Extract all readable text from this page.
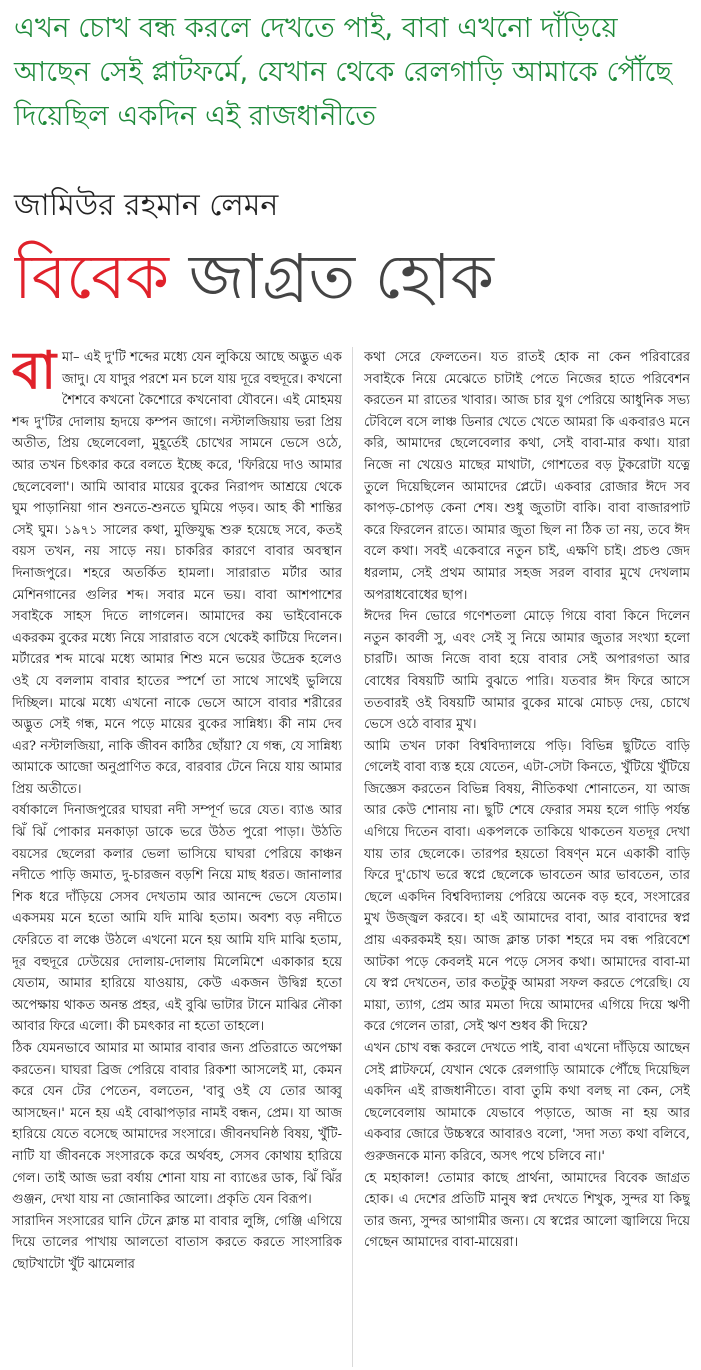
এখন চোখ বন্ধ করলে দেখতে পাই, বাবা এখনো দাঁড়িয়ে আছেন সেই প্লাটফর্মে, যেখান থেকে রেলগাড়ি আমাকে পৌঁছে দিয়েছিল একদিন এই রাজধানীতে
জামিউর রহমান লেমন
বিবেক জাগ্রত হোক
বা মা– এই দু'টি শব্দের মধ্যে যেন লুকিয়ে আছে অদ্ভুত এক জাদু। যে যাদুর পরশে মন চলে যায় দূরে বহুদূরে। কখনো শৈশবে কখনো কৈশোরে কখনোবা যৌবনে। এই মোহময় শব্দ দু'টির দোলায় হৃদয়ে কম্পন জাগে। নস্টালজিয়ায় ভরা প্রিয় অতীত, প্রিয় ছেলেবেলা, মুহূর্তেই চোখের সামনে ভেসে ওঠে, আর তখন চিৎকার করে বলতে ইচ্ছে করে, 'ফিরিয়ে দাও আমার ছেলেবেলা'। আমি আবার মায়ের বুকের নিরাপদ আশ্রয়ে থেকে ঘুম পাড়ানিয়া গান শুনতে-শুনতে ঘুমিয়ে পড়ব। আহ কী শান্তির সেই ঘুম। ১৯৭১ সালের কথা, মুক্তিযুদ্ধ শুরু হয়েছে সবে, কতই বয়স তখন, নয় সাড়ে নয়। চাকরির কারণে বাবার অবস্থান দিনাজপুরে। শহরে অতর্কিত হামলা। সারারাত মর্টার আর মেশিনগানের গুলির শব্দ। সবার মনে ভয়। বাবা আশপাশের সবাইকে সাহস দিতে লাগলেন। আমাদের কয় ভাইবোনকে একরকম বুকের মধ্যে নিয়ে সারারাত বসে থেকেই কাটিয়ে দিলেন। মর্টারের শব্দ মাঝে মধ্যে আমার শিশু মনে ভয়ের উদ্রেক হলেও ওই যে বললাম বাবার হাতের স্পর্শে তা সাথে সাথেই ভুলিয়ে দিচ্ছিল। মাঝে মধ্যে এখনো নাকে ভেসে আসে বাবার শরীরের অদ্ভুত সেই গন্ধ, মনে পড়ে মায়ের বুকের সান্নিধ্য। কী নাম দেব এর? নস্টালজিয়া, নাকি জীবন কাঠির ছোঁয়া? যে গন্ধ, যে সান্নিধ্য আমাকে আজো অনুপ্রাণিত করে, বারবার টেনে নিয়ে যায় আমার প্রিয় অতীতে।

বর্ষাকালে দিনাজপুরের ঘাঘরা নদী সম্পূর্ণ ভরে যেত। ব্যাঙ আর ঝিঁ ঝিঁ পোকার মনকাড়া ডাকে ভরে উঠত পুরো পাড়া। উঠতি বয়সের ছেলেরা কলার ভেলা ভাসিয়ে ঘাঘরা পেরিয়ে কাঞ্চন নদীতে পাড়ি জমাত, দু-চারজন বড়শি নিয়ে মাছ ধরত। জানালার শিক ধরে দাঁড়িয়ে সেসব দেখতাম আর আনন্দে ভেসে যেতাম। একসময় মনে হতো আমি যদি মাঝি হতাম। অবশ্য বড় নদীতে ফেরিতে বা লঞ্চে উঠলে এখনো মনে হয় আমি যদি মাঝি হতাম, দূর বহুদূরে ঢেউয়ের দোলায়-দোলায় মিলেমিশে একাকার হয়ে যেতাম, আমার হারিয়ে যাওয়ায়, কেউ একজন উদ্বিগ্ন হতো অপেক্ষায় থাকত অনন্ত প্রহর, এই বুঝি ভাটার টানে মাঝির নৌকা আবার ফিরে এলো। কী চমৎকার না হতো তাহলে।

ঠিক যেমনভাবে আমার মা আমার বাবার জন্য প্রতিরাতে অপেক্ষা করতেন। ঘাঘরা ব্রিজ পেরিয়ে বাবার রিকশা আসলেই মা, কেমন করে যেন টের পেতেন, বলতেন, 'বাবু ওই যে তোর আব্বু আসছেন।' মনে হয় এই বোঝাপড়ার নামই বন্ধন, প্রেম। যা আজ হারিয়ে যেতে বসেছে আমাদের সংসারে। জীবনঘনিষ্ঠ বিষয়, খুঁটি-নাটি যা জীবনকে সংসারকে করে অর্থবহ, সেসব কোথায় হারিয়ে গেল। তাই আজ ভরা বর্ষায় শোনা যায় না ব্যাঙের ডাক, ঝিঁ ঝিঁর গুঞ্জন, দেখা যায় না জোনাকির আলো। প্রকৃতি যেন বিরূপ।

সারাদিন সংসারের ঘানি টেনে ক্লান্ত মা বাবার লুঙ্গি, গেঞ্জি এগিয়ে দিয়ে তালের পাখায় আলতো বাতাস করতে করতে সাংসারিক ছোটখাটো খুঁট ঝামেলার

কথা সেরে ফেলতেন। যত রাতই হোক না কেন পরিবারের সবাইকে নিয়ে মেঝেতে চাটাই পেতে নিজের হাতে পরিবেশন করতেন মা রাতের খাবার। আজ চার যুগ পেরিয়ে আধুনিক সভ্য টেবিলে বসে লাঞ্চ ডিনার খেতে খেতে আমরা কি একবারও মনে করি, আমাদের ছেলেবেলার কথা, সেই বাবা-মার কথা। যারা নিজে না খেয়েও মাছের মাথাটা, গোশতের বড় টুকরোটা যত্নে তুলে দিয়েছিলেন আমাদের প্লেটে। একবার রোজার ঈদে সব কাপড়-চোপড় কেনা শেষ। শুধু জুতাটা বাকি। বাবা বাজারপাট করে ফিরলেন রাতে। আমার জুতা ছিল না ঠিক তা নয়, তবে ঈদ বলে কথা। সবই একেবারে নতুন চাই, এক্ষণি চাই। প্রচণ্ড জেদ ধরলাম, সেই প্রথম আমার সহজ সরল বাবার মুখে দেখলাম অপরাধবোধের ছাপ।

ঈদের দিন ভোরে গণেশতলা মোড়ে গিয়ে বাবা কিনে দিলেন নতুন কাবলী সু, এবং সেই সু নিয়ে আমার জুতার সংখ্যা হলো চারটি। আজ নিজে বাবা হয়ে বাবার সেই অপারগতা আর বোধের বিষয়টি আমি বুঝতে পারি। যতবার ঈদ ফিরে আসে ততবারই ওই বিষয়টি আমার বুকের মাঝে মোচড় দেয়, চোখে ভেসে ওঠে বাবার মুখ।

আমি তখন ঢাকা বিশ্ববিদ্যালয়ে পড়ি। বিভিন্ন ছুটিতে বাড়ি গেলেই বাবা ব্যস্ত হয়ে যেতেন, এটা-সেটা কিনতে, খুঁটিয়ে খুঁটিয়ে জিজ্ঞেস করতেন বিভিন্ন বিষয়, নীতিকথা শোনাতেন, যা আজ আর কেউ শোনায় না। ছুটি শেষে ফেরার সময় হলে গাড়ি পর্যন্ত এগিয়ে দিতেন বাবা। একপলকে তাকিয়ে থাকতেন যতদূর দেখা যায় তার ছেলেকে। তারপর হয়তো বিষণ্ন মনে একাকী বাড়ি ফিরে দু'চোখ ভরে স্বপ্নে ছেলেকে ভাবতেন আর ভাবতেন, তার ছেলে একদিন বিশ্ববিদ্যালয় পেরিয়ে অনেক বড় হবে, সংসারের মুখ উজ্জ্বল করবে। হা এই আমাদের বাবা, আর বাবাদের স্বপ্ন প্রায় একরকমই হয়। আজ ক্লান্ত ঢাকা শহরে দম বন্ধ পরিবেশে আটকা পড়ে কেবলই মনে পড়ে সেসব কথা। আমাদের বাবা-মা যে স্বপ্ন দেখতেন, তার কতটুকু আমরা সফল করতে পেরেছি। যে মায়া, ত্যাগ, প্রেম আর মমতা দিয়ে আমাদের এগিয়ে দিয়ে ঋণী করে গেলেন তারা, সেই ঋণ শুধব কী দিয়ে?

এখন চোখ বন্ধ করলে দেখতে পাই, বাবা এখনো দাঁড়িয়ে আছেন সেই প্লাটফর্মে, যেখান থেকে রেলগাড়ি আমাকে পৌঁছে দিয়েছিল একদিন এই রাজধানীতে। বাবা তুমি কথা বলছ না কেন, সেই ছেলেবেলায় আমাকে যেভাবে পড়াতে, আজ না হয় আর একবার জোরে উচ্চস্বরে আবারও বলো, 'সদা সত্য কথা বলিবে, গুরুজনকে মান্য করিবে, অসৎ পথে চলিবে না।'

হে মহাকাল! তোমার কাছে প্রার্থনা, আমাদের বিবেক জাগ্রত হোক। এ দেশের প্রতিটি মানুষ স্বপ্ন দেখতে শিখুক, সুন্দর যা কিছু তার জন্য, সুন্দর আগামীর জন্য। যে স্বপ্নের আলো জ্বালিয়ে দিয়ে গেছেন আমাদের বাবা-মায়েরা।
